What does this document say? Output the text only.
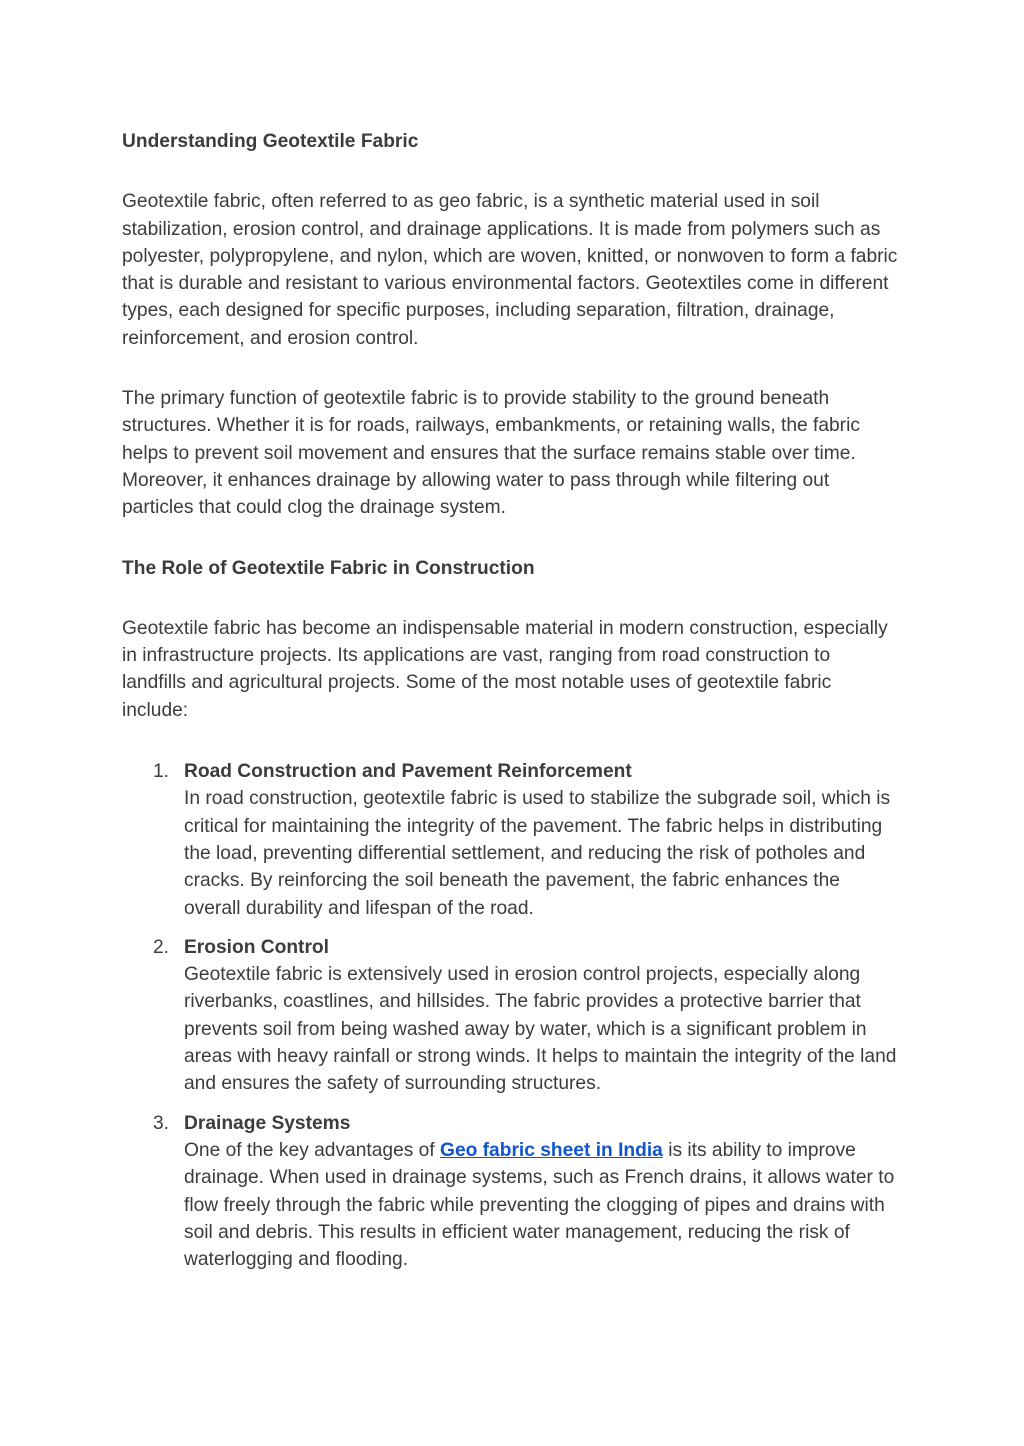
Understanding Geotextile Fabric

Geotextile fabric, often referred to as geo fabric, is a synthetic material used in soil stabilization, erosion control, and drainage applications. It is made from polymers such as polyester, polypropylene, and nylon, which are woven, knitted, or nonwoven to form a fabric that is durable and resistant to various environmental factors. Geotextiles come in different types, each designed for specific purposes, including separation, filtration, drainage, reinforcement, and erosion control.

The primary function of geotextile fabric is to provide stability to the ground beneath structures. Whether it is for roads, railways, embankments, or retaining walls, the fabric helps to prevent soil movement and ensures that the surface remains stable over time. Moreover, it enhances drainage by allowing water to pass through while filtering out particles that could clog the drainage system.

The Role of Geotextile Fabric in Construction

Geotextile fabric has become an indispensable material in modern construction, especially in infrastructure projects. Its applications are vast, ranging from road construction to landfills and agricultural projects. Some of the most notable uses of geotextile fabric include:

1. Road Construction and Pavement Reinforcement
In road construction, geotextile fabric is used to stabilize the subgrade soil, which is critical for maintaining the integrity of the pavement. The fabric helps in distributing the load, preventing differential settlement, and reducing the risk of potholes and cracks. By reinforcing the soil beneath the pavement, the fabric enhances the overall durability and lifespan of the road.
2. Erosion Control
Geotextile fabric is extensively used in erosion control projects, especially along riverbanks, coastlines, and hillsides. The fabric provides a protective barrier that prevents soil from being washed away by water, which is a significant problem in areas with heavy rainfall or strong winds. It helps to maintain the integrity of the land and ensures the safety of surrounding structures.
3. Drainage Systems
One of the key advantages of Geo fabric sheet in India is its ability to improve drainage. When used in drainage systems, such as French drains, it allows water to flow freely through the fabric while preventing the clogging of pipes and drains with soil and debris. This results in efficient water management, reducing the risk of waterlogging and flooding.
